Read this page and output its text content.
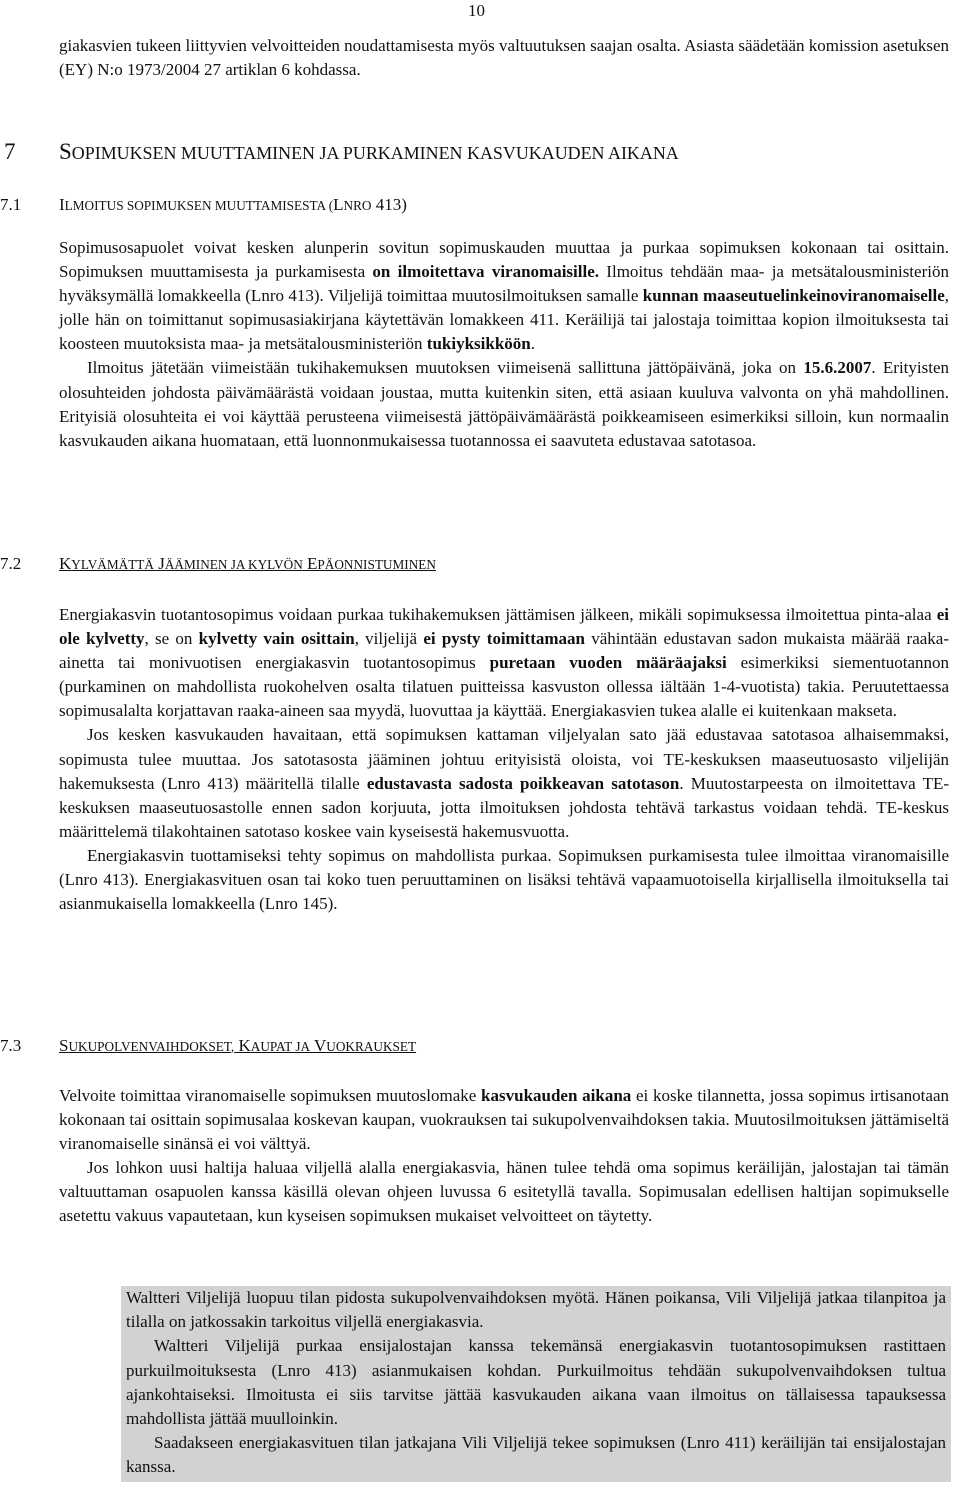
10

giakasvien tukeen liittyvien velvoitteiden noudattamisesta myös valtuutuksen saajan osalta. Asiasta säädetään komission asetuksen (EY) N:o 1973/2004 27 artiklan 6 kohdassa.

7 SOPIMUKSEN MUUTTAMINEN JA PURKAMINEN KASVUKAUDEN AIKANA
7.1 ILMOITUS SOPIMUKSEN MUUTTAMISESTA (LNRO 413)

Sopimusosapuolet voivat kesken alunperin sovitun sopimuskauden muuttaa ja purkaa sopimuksen kokonaan tai osittain. Sopimuksen muuttamisesta ja purkamisesta on ilmoitettava viranomaisille. Ilmoitus tehdään maa- ja metsätalousministeriön hyväksymällä lomakkeella (Lnro 413). Viljelijä toimittaa muutosilmoituksen samalle kunnan maaseutuelinkeinoviranomaiselle, jolle hän on toimittanut sopimusasiakirjana käytettävän lomakkeen 411. Keräilijä tai jalostaja toimittaa kopion ilmoituksesta tai koosteen muutoksista maa- ja metsätalousministeriön tukiyksikköön.

Ilmoitus jätetään viimeistään tukihakemuksen muutoksen viimeisenä sallittuna jättöpäivänä, joka on 15.6.2007. Erityisten olosuhteiden johdosta päivämäärästä voidaan joustaa, mutta kuitenkin siten, että asiaan kuuluva valvonta on yhä mahdollinen. Erityisiä olosuhteita ei voi käyttää perusteena viimeisestä jättöpäivämäärästä poikkeamiseen esimerkiksi silloin, kun normaalin kasvukauden aikana huomataan, että luonnonmukaisessa tuotannossa ei saavuteta edustavaa satotasoa.

7.2 KYLVÄMÄTTÄ JÄÄMINEN JA KYLVÖN EPÄONNISTUMINEN

Energiakasvin tuotantosopimus voidaan purkaa tukihakemuksen jättämisen jälkeen, mikäli sopimuksessa ilmoitettua pinta-alaa ei ole kylvetty, se on kylvetty vain osittain, viljelijä ei pysty toimittamaan vähintään edustavan sadon mukaista määrää raaka-ainetta tai monivuotisen energiakasvin tuotantosopimus puretaan vuoden määräajaksi esimerkiksi siementuotannon (purkaminen on mahdollista ruokohelven osalta tilatuen puitteissa kasvuston ollessa iältään 1-4-vuotista) takia. Peruutettaessa sopimusalalta korjattavan raaka-aineen saa myydä, luovuttaa ja käyttää. Energiakasvien tukea alalle ei kuitenkaan makseta.

Jos kesken kasvukauden havaitaan, että sopimuksen kattaman viljelyalan sato jää edustavaa satotasoa alhaisemmaksi, sopimusta tulee muuttaa. Jos satotasosta jääminen johtuu erityisistä oloista, voi TE-keskuksen maaseutuosasto viljelijän hakemuksesta (Lnro 413) määritellä tilalle edustavasta sadosta poikkeavan satotason. Muutostarpeesta on ilmoitettava TE-keskuksen maaseutuosastolle ennen sadon korjuuta, jotta ilmoituksen johdosta tehtävä tarkastus voidaan tehdä. TE-keskus määrittelemä tilakohtainen satotaso koskee vain kyseisestä hakemusvuotta.

Energiakasvin tuottamiseksi tehty sopimus on mahdollista purkaa. Sopimuksen purkamisesta tulee ilmoittaa viranomaisille (Lnro 413). Energiakasvituen osan tai koko tuen peruuttaminen on lisäksi tehtävä vapaamuotoisella kirjallisella ilmoituksella tai asianmukaisella lomakkeella (Lnro 145).

7.3 SUKUPOLVENVAIHDOKSET, KAUPAT JA VUOKRAUKSET

Velvoite toimittaa viranomaiselle sopimuksen muutoslomake kasvukauden aikana ei koske tilannetta, jossa sopimus irtisanotaan kokonaan tai osittain sopimusalaa koskevan kaupan, vuokrauksen tai sukupolvenvaihdoksen takia. Muutosilmoituksen jättämiseltä viranomaiselle sinänsä ei voi välttyä.

Jos lohkon uusi haltija haluaa viljellä alalla energiakasvia, hänen tulee tehdä oma sopimus keräilijän, jalostajan tai tämän valtuuttaman osapuolen kanssa käsillä olevan ohjeen luvussa 6 esitetyllä tavalla. Sopimusalan edellisen haltijan sopimukselle asetettu vakuus vapautetaan, kun kyseisen sopimuksen mukaiset velvoitteet on täytetty.

Waltteri Viljelijä luopuu tilan pidosta sukupolvenvaihdoksen myötä. Hänen poikansa, Vili Viljelijä jatkaa tilanpitoa ja tilalla on jatkossakin tarkoitus viljellä energiakasvia.

Waltteri Viljelijä purkaa ensijalostajan kanssa tekemänsä energiakasvin tuotantosopimuksen rastittaen purkuilmoituksesta (Lnro 413) asianmukaisen kohdan. Purkuilmoitus tehdään sukupolvenvaihdoksen tultua ajankohtaiseksi. Ilmoitusta ei siis tarvitse jättää kasvukauden aikana vaan ilmoitus on tällaisessa tapauksessa mahdollista jättää muulloinkin.

Saadakseen energiakasvituen tilan jatkajana Vili Viljelijä tekee sopimuksen (Lnro 411) keräilijän tai ensijalostajan kanssa.
